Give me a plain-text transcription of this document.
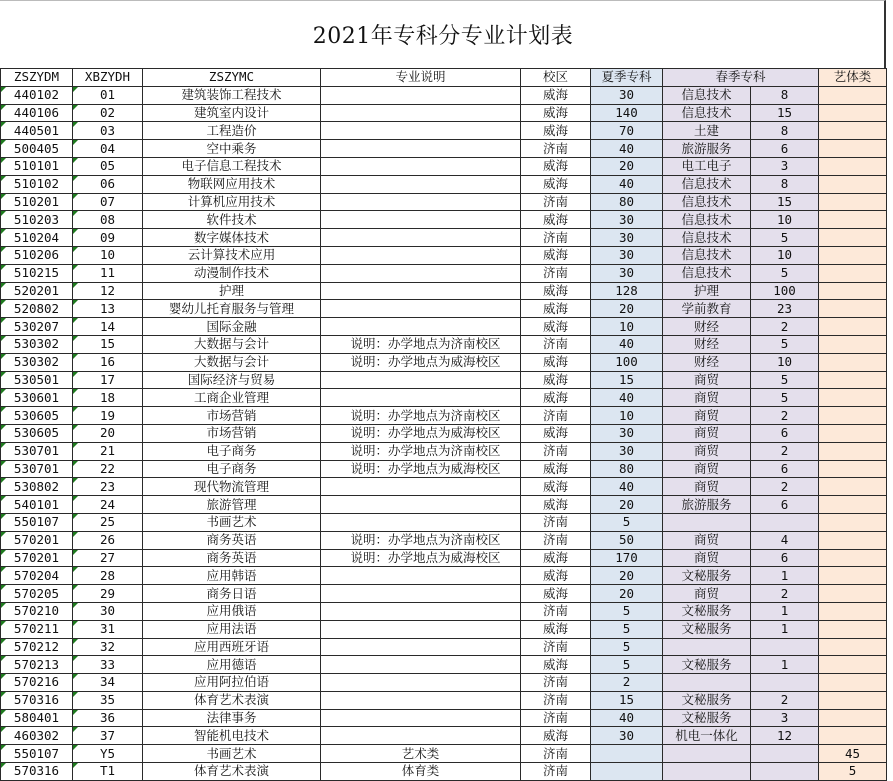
2021年专科分专业计划表
ZSZYDM	XBZYDH	ZSZYMC	专业说明	校区	夏季专科	春季专科		艺体类
440102	01	建筑装饰工程技术		威海	30	信息技术	8	
440106	02	建筑室内设计		威海	140	信息技术	15	
440501	03	工程造价		威海	70	土建	8	
500405	04	空中乘务		济南	40	旅游服务	6	
510101	05	电子信息工程技术		威海	20	电工电子	3	
510102	06	物联网应用技术		威海	40	信息技术	8	
510201	07	计算机应用技术		济南	80	信息技术	15	
510203	08	软件技术		威海	30	信息技术	10	
510204	09	数字媒体技术		济南	30	信息技术	5	
510206	10	云计算技术应用		威海	30	信息技术	10	
510215	11	动漫制作技术		济南	30	信息技术	5	
520201	12	护理		威海	128	护理	100	
520802	13	婴幼儿托育服务与管理		威海	20	学前教育	23	
530207	14	国际金融		威海	10	财经	2	
530302	15	大数据与会计	说明：办学地点为济南校区	济南	40	财经	5	
530302	16	大数据与会计	说明：办学地点为威海校区	威海	100	财经	10	
530501	17	国际经济与贸易		威海	15	商贸	5	
530601	18	工商企业管理		威海	40	商贸	5	
530605	19	市场营销	说明：办学地点为济南校区	济南	10	商贸	2	
530605	20	市场营销	说明：办学地点为威海校区	威海	30	商贸	6	
530701	21	电子商务	说明：办学地点为济南校区	济南	30	商贸	2	
530701	22	电子商务	说明：办学地点为威海校区	威海	80	商贸	6	
530802	23	现代物流管理		威海	40	商贸	2	
540101	24	旅游管理		威海	20	旅游服务	6	
550107	25	书画艺术		济南	5			
570201	26	商务英语	说明：办学地点为济南校区	济南	50	商贸	4	
570201	27	商务英语	说明：办学地点为威海校区	威海	170	商贸	6	
570204	28	应用韩语		威海	20	文秘服务	1	
570205	29	商务日语		威海	20	商贸	2	
570210	30	应用俄语		济南	5	文秘服务	1	
570211	31	应用法语		威海	5	文秘服务	1	
570212	32	应用西班牙语		济南	5			
570213	33	应用德语		威海	5	文秘服务	1	
570216	34	应用阿拉伯语		济南	2			
570316	35	体育艺术表演		济南	15	文秘服务	2	
580401	36	法律事务		济南	40	文秘服务	3	
460302	37	智能机电技术		威海	30	机电一体化	12	
550107	Y5	书画艺术	艺术类	济南				45
570316	T1	体育艺术表演	体育类	济南				5
